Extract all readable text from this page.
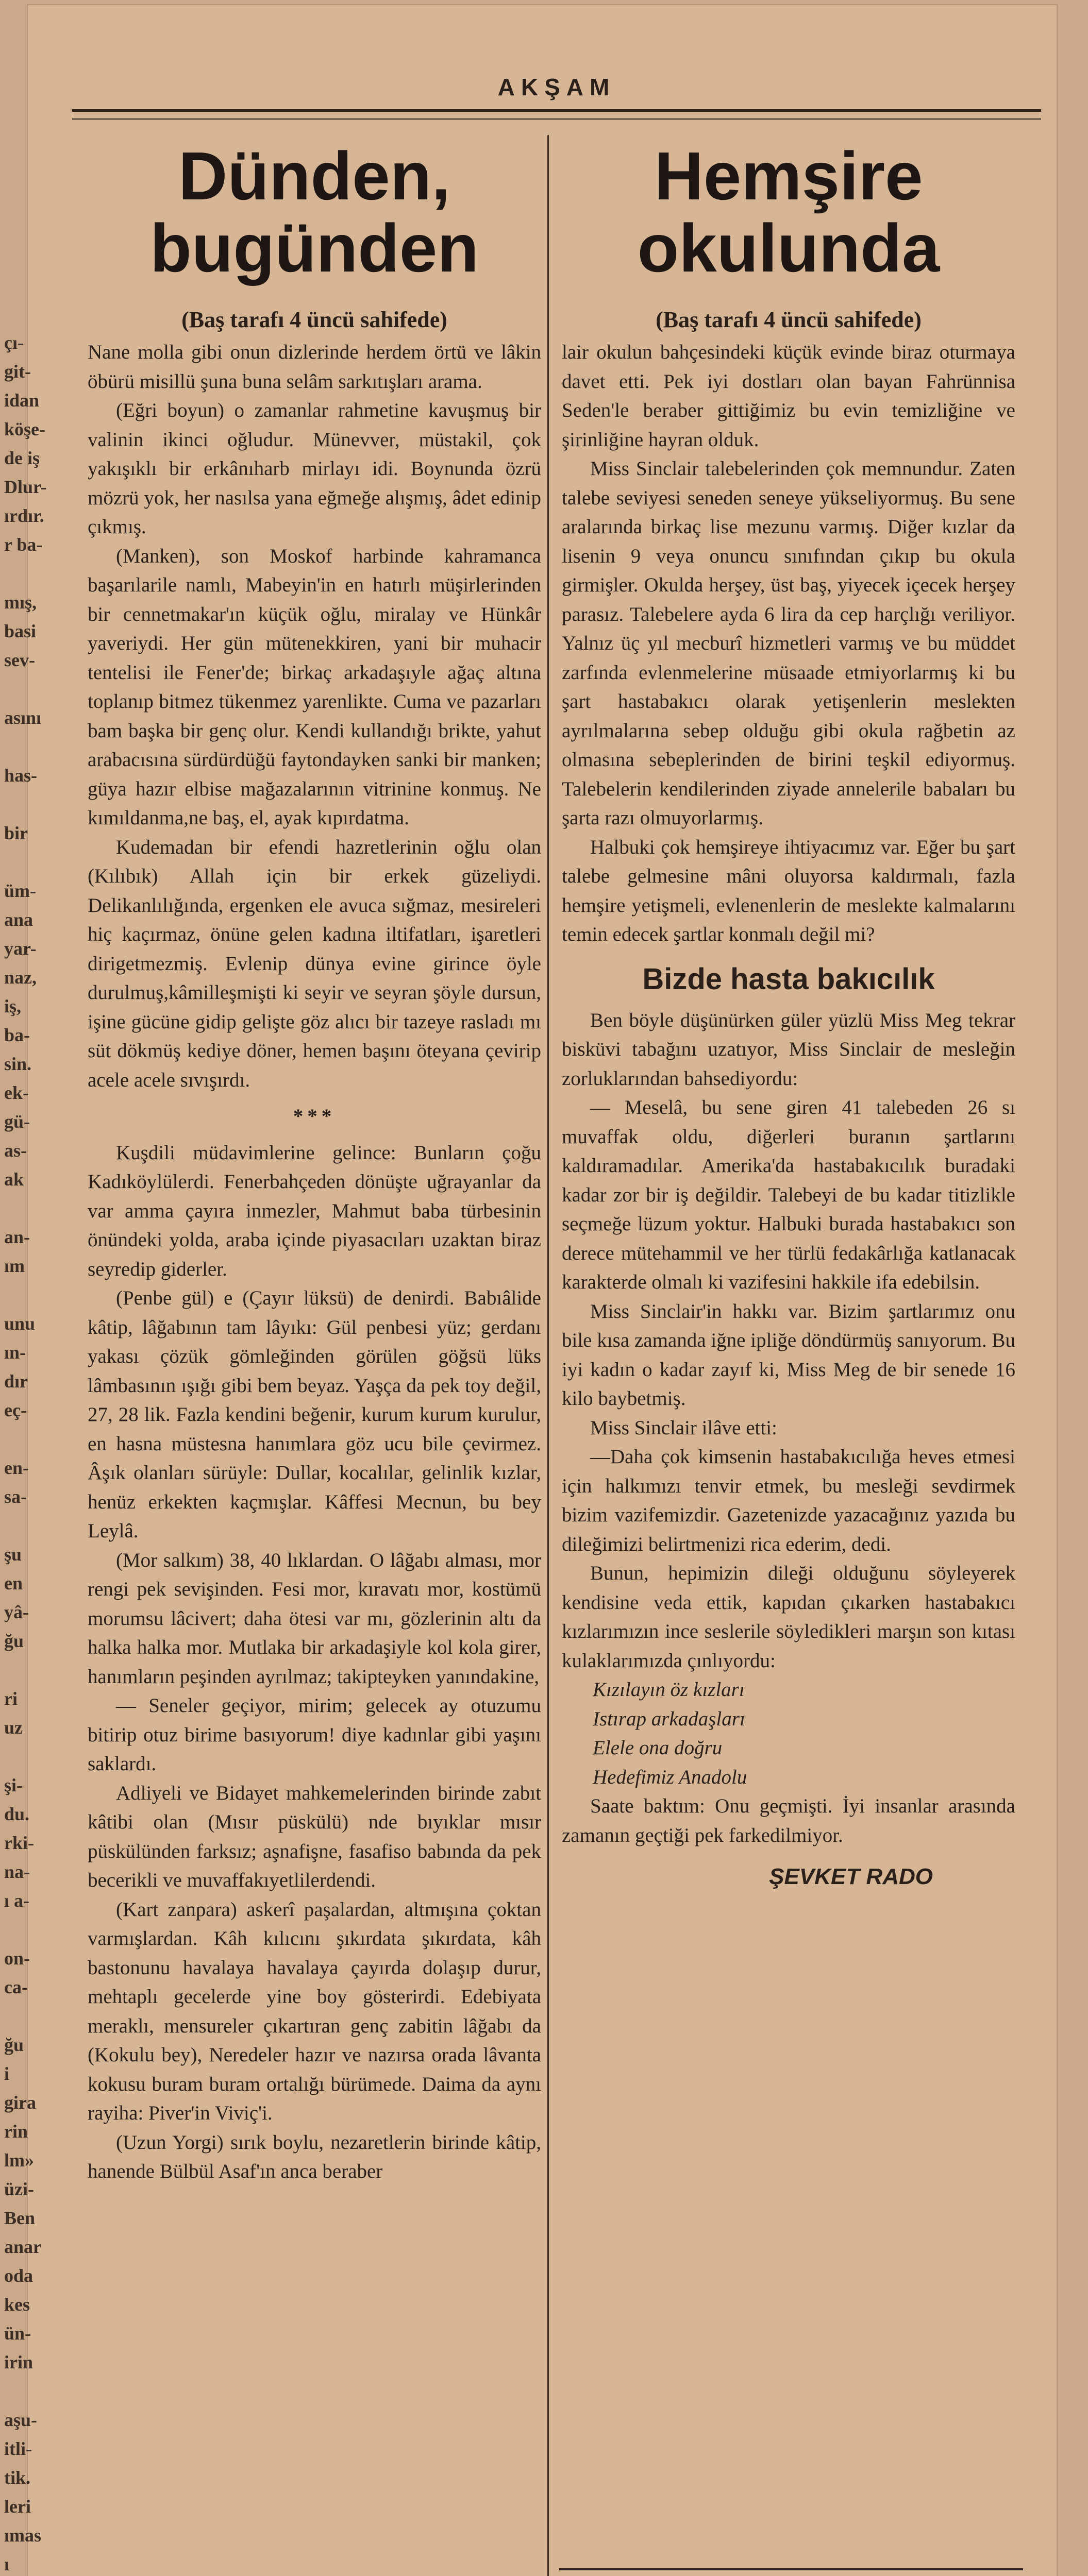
çı-
git-
idan
köşe-
de iş
Dlur-
ırdır.
r ba-
mış,
basi
sev-
asını
has-
bir
üm-
ana
yar-
naz,
iş,
ba-
sin.
ek-
gü-
as-
ak
an-
ım
unu
ın-
dır
eç-
en-
sa-
şu
en
yâ-
ğu
ri
uz
şi-
du.
rki-
na-
ı a-
on-
ca-
ğu
i
gira
rin
lm»
üzi-
Ben
anar
oda
kes
ün-
irin
aşu-
itli-
tik.
leri
ımas
ı
AKŞAM
Dünden,
bugünden
(Baş tarafı 4 üncü sahifede)

Nane molla gibi onun dizlerinde herdem örtü ve lâkin öbürü misillü şuna buna selâm sarkıtışları arama.

(Eğri boyun) o zamanlar rahmetine kavuşmuş bir valinin ikinci oğludur. Münevver, müstakil, çok yakışıklı bir erkânıharb mirlayı idi. Boynunda özrü mözrü yok, her nasılsa yana eğmeğe alışmış, âdet edinip çıkmış.

(Manken), son Moskof harbinde kahramanca başarılarile namlı, Mabeyin'in en hatırlı müşirlerinden bir cennetmakar'ın küçük oğlu, miralay ve Hünkâr yaveriydi. Her gün mütenekkiren, yani bir muhacir tentelisi ile Fener'de; birkaç arkadaşıyle ağaç altına toplanıp bitmez tükenmez yarenlikte. Cuma ve pazarları bam başka bir genç olur. Kendi kullandığı brikte, yahut arabacısına sürdürdüğü faytondayken sanki bir manken; güya hazır elbise mağazalarının vitrinine konmuş. Ne kımıldanma,ne baş, el, ayak kıpırdatma.

Kudemadan bir efendi hazretlerinin oğlu olan (Kılıbık) Allah için bir erkek güzeliydi. Delikanlılığında, ergenken ele avuca sığmaz, mesireleri hiç kaçırmaz, önüne gelen kadına iltifatları, işaretleri dirigetmezmiş. Evlenip dünya evine girince öyle durulmuş,kâmilleşmişti ki seyir ve seyran şöyle dursun, işine gücüne gidip gelişte göz alıcı bir tazeye rasladı mı süt dökmüş kediye döner, hemen başını öteyana çevirip acele acele sıvışırdı.

***

Kuşdili müdavimlerine gelince: Bunların çoğu Kadıköylülerdi. Fenerbahçeden dönüşte uğrayanlar da var amma çayıra inmezler, Mahmut baba türbesinin önündeki yolda, araba içinde piyasacıları uzaktan biraz seyredip giderler.

(Penbe gül) e (Çayır lüksü) de denirdi. Babıâlide kâtip, lâğabının tam lâyıkı: Gül penbesi yüz; gerdanı yakası çözük gömleğinden görülen göğsü lüks lâmbasının ışığı gibi bem beyaz. Yaşça da pek toy değil, 27, 28 lik. Fazla kendini beğenir, kurum kurum kurulur, en hasna müstesna hanımlara göz ucu bile çevirmez. Âşık olanları sürüyle: Dullar, kocalılar, gelinlik kızlar, henüz erkekten kaçmışlar. Kâffesi Mecnun, bu bey Leylâ.

(Mor salkım) 38, 40 lıklardan. O lâğabı alması, mor rengi pek sevişinden. Fesi mor, kıravatı mor, kostümü morumsu lâcivert; daha ötesi var mı, gözlerinin altı da halka halka mor. Mutlaka bir arkadaşiyle kol kola girer, hanımların peşinden ayrılmaz; takipteyken yanındakine,

— Seneler geçiyor, mirim; gelecek ay otuzumu bitirip otuz birime basıyorum! diye kadınlar gibi yaşını saklardı.

Adliyeli ve Bidayet mahkemelerinden birinde zabıt kâtibi olan (Mısır püskülü) nde bıyıklar mısır püskülünden farksız; aşnafişne, fasafiso babında da pek becerikli ve muvaffakıyetlilerdendi.

(Kart zanpara) askerî paşalardan, altmışına çoktan varmışlardan. Kâh kılıcını şıkırdata şıkırdata, kâh bastonunu havalaya havalaya çayırda dolaşıp durur, mehtaplı gecelerde yine boy gösterirdi. Edebiyata meraklı, mensureler çıkartıran genç zabitin lâğabı da (Kokulu bey), Neredeler hazır ve nazırsa orada lâvanta kokusu buram buram ortalığı bürümede. Daima da aynı rayiha: Piver'in Viviç'i.

(Uzun Yorgi) sırık boylu, nezaretlerin birinde kâtip, hanende Bülbül Asaf'ın anca beraber

Hemşire
okulunda
(Baş tarafı 4 üncü sahifede)

lair okulun bahçesindeki küçük evinde biraz oturmaya davet etti. Pek iyi dostları olan bayan Fahrünnisa Seden'le beraber gittiğimiz bu evin temizliğine ve şirinliğine hayran olduk.

Miss Sinclair talebelerinden çok memnundur. Zaten talebe seviyesi seneden seneye yükseliyormuş. Bu sene aralarında birkaç lise mezunu varmış. Diğer kızlar da lisenin 9 veya onuncu sınıfından çıkıp bu okula girmişler. Okulda herşey, üst baş, yiyecek içecek herşey parasız. Talebelere ayda 6 lira da cep harçlığı veriliyor. Yalnız üç yıl mecburî hizmetleri varmış ve bu müddet zarfında evlenmelerine müsaade etmiyorlarmış ki bu şart hastabakıcı olarak yetişenlerin meslekten ayrılmalarına sebep olduğu gibi okula rağbetin az olmasına sebeplerinden de birini teşkil ediyormuş. Talebelerin kendilerinden ziyade annelerile babaları bu şarta razı olmuyorlarmış.

Halbuki çok hemşireye ihtiyacımız var. Eğer bu şart talebe gelmesine mâni oluyorsa kaldırmalı, fazla hemşire yetişmeli, evlenenlerin de meslekte kalmalarını temin edecek şartlar konmalı değil mi?

Bizde hasta bakıcılık

Ben böyle düşünürken güler yüzlü Miss Meg tekrar bisküvi tabağını uzatıyor, Miss Sinclair de mesleğin zorluklarından bahsediyordu:

— Meselâ, bu sene giren 41 talebeden 26 sı muvaffak oldu, diğerleri buranın şartlarını kaldıramadılar. Amerika'da hastabakıcılık buradaki kadar zor bir iş değildir. Talebeyi de bu kadar titizlikle seçmeğe lüzum yoktur. Halbuki burada hastabakıcı son derece mütehammil ve her türlü fedakârlığa katlanacak karakterde olmalı ki vazifesini hakkile ifa edebilsin.

Miss Sinclair'in hakkı var. Bizim şartlarımız onu bile kısa zamanda iğne ipliğe döndürmüş sanıyorum. Bu iyi kadın o kadar zayıf ki, Miss Meg de bir senede 16 kilo baybetmiş.

Miss Sinclair ilâve etti:

—Daha çok kimsenin hastabakıcılığa heves etmesi için halkımızı tenvir etmek, bu mesleği sevdirmek bizim vazifemizdir. Gazetenizde yazacağınız yazıda bu dileğimizi belirtmenizi rica ederim, dedi.

Bunun, hepimizin dileği olduğunu söyleyerek kendisine veda ettik, kapıdan çıkarken hastabakıcı kızlarımızın ince seslerile söyledikleri marşın son kıtası kulaklarımızda çınlıyordu:

Kızılayın öz kızları

Istırap arkadaşları

Elele ona doğru

Hedefimiz Anadolu

Saate baktım: Onu geçmişti. İyi insanlar arasında zamanın geçtiği pek farkedilmiyor.

ŞEVKET RADO
